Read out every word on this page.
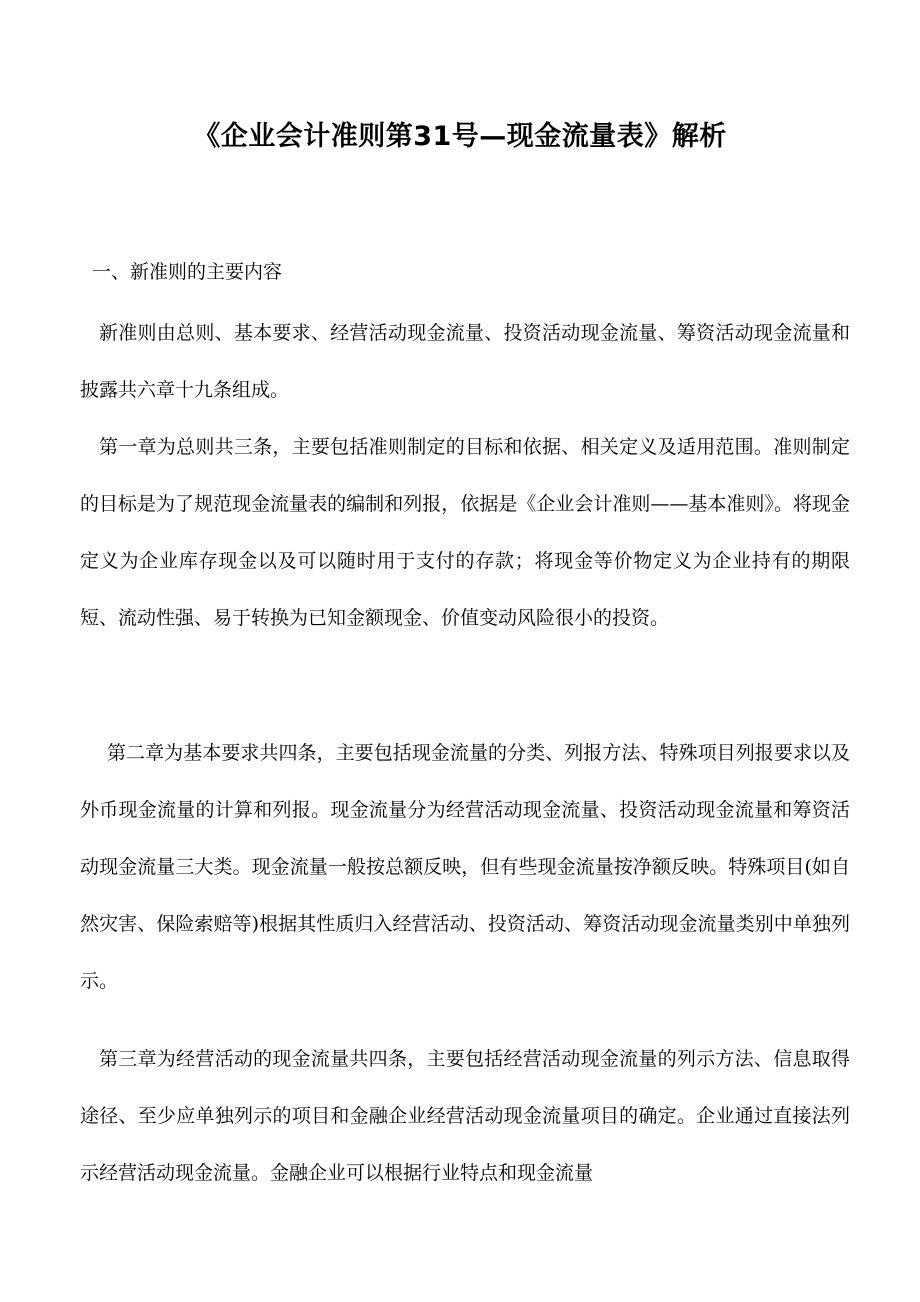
《企业会计准则第31号—现金流量表》解析
一、新准则的主要内容

新准则由总则、基本要求、经营活动现金流量、投资活动现金流量、筹资活动现金流量和披露共六章十九条组成。

第一章为总则共三条，主要包括准则制定的目标和依据、相关定义及适用范围。准则制定的目标是为了规范现金流量表的编制和列报，依据是《企业会计准则——基本准则》。将现金定义为企业库存现金以及可以随时用于支付的存款；将现金等价物定义为企业持有的期限短、流动性强、易于转换为已知金额现金、价值变动风险很小的投资。

第二章为基本要求共四条，主要包括现金流量的分类、列报方法、特殊项目列报要求以及外币现金流量的计算和列报。现金流量分为经营活动现金流量、投资活动现金流量和筹资活动现金流量三大类。现金流量一般按总额反映，但有些现金流量按净额反映。特殊项目(如自然灾害、保险索赔等)根据其性质归入经营活动、投资活动、筹资活动现金流量类别中单独列示。

第三章为经营活动的现金流量共四条，主要包括经营活动现金流量的列示方法、信息取得途径、至少应单独列示的项目和金融企业经营活动现金流量项目的确定。企业通过直接法列示经营活动现金流量。金融企业可以根据行业特点和现金流量
